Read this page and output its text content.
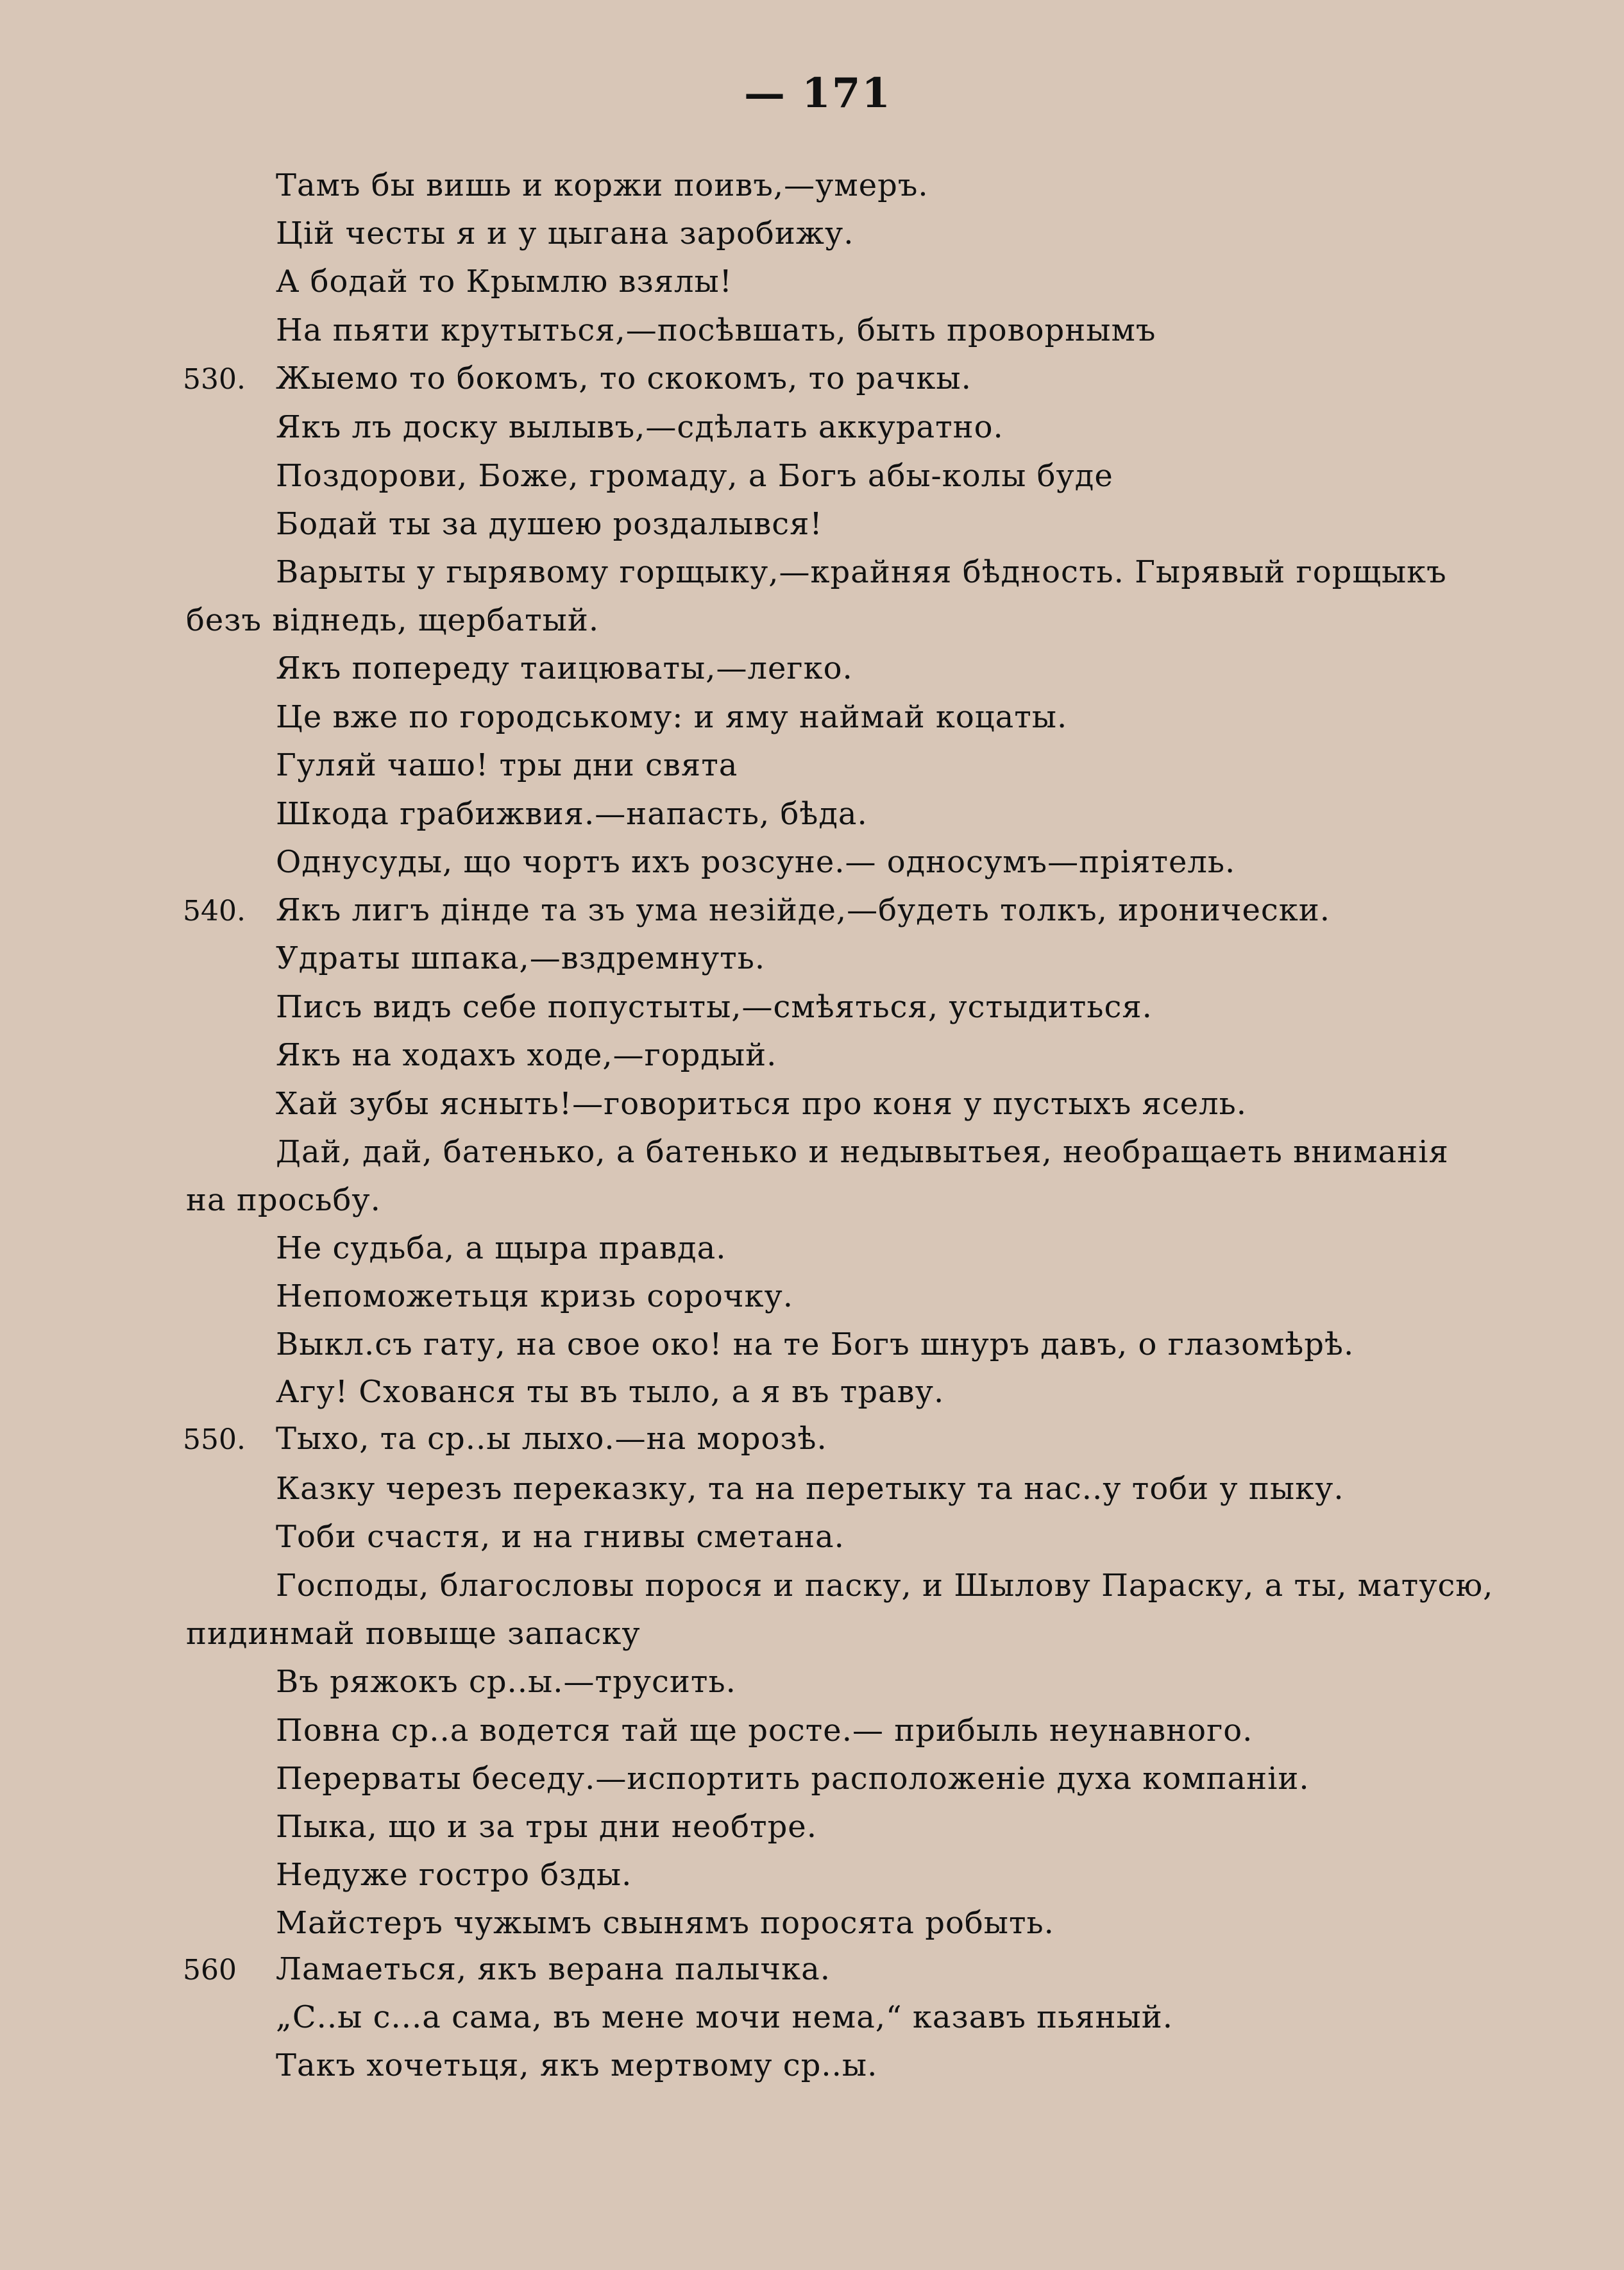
— 171
530.
540.
550.
560
Тамъ бы вишь и коржи поивъ,—умеръ.
Цій честы я и у цыгана заробижу.
А бодай то Крымлю взялы!
На пьяти крутыться,—посѣвшать, быть проворнымъ
Жыемо то бокомъ, то скокомъ, то рачкы.
Якъ лъ доску вылывъ,—сдѣлать аккуратно.
Поздорови, Боже, громаду, а Богъ абы-колы буде
Бодай ты за душею роздалывся!
Варыты у гырявому горщыку,—крайняя бѣдность. Гырявый горщыкъ
безъ віднедь, щербатый.
Якъ попереду таицюваты,—легко.
Це вже по городському: и яму наймай коцаты.
Гуляй чашо! тры дни свята
Шкода грабижвия.—напасть, бѣда.
Однусуды, що чортъ ихъ розсуне.— односумъ—пріятель.
Якъ лигъ дінде та зъ ума незійде,—будеть толкъ, иронически.
Удраты шпака,—вздремнуть.
Писъ видъ себе попустыты,—смѣяться, устыдиться.
Якъ на ходахъ ходе,—гордый.
Хай зубы ясныть!—говориться про коня у пустыхъ ясель.
Дай, дай, батенько, а батенько и недывытьея, необращаеть вниманія
на просьбу.
Не судьба, а щыра правда.
Непоможетьця кризь сорочку.
Выкл.съ гату, на свое око! на те Богъ шнуръ давъ, о глазомѣрѣ.
Агу! Схованся ты въ тыло, а я въ траву.
Тыхо, та ср..ы лыхо.—на морозѣ.
Казку черезъ переказку, та на перетыку та нас..у тоби у пыку.
Тоби счастя, и на гнивы сметана.
Господы, благословы порося и паску, и Шылову Параску, а ты, матусю,
пидинмай повыще запаску
Въ ряжокъ ср..ы.—трусить.
Повна ср..а водется тай ще росте.— прибыль неунавного.
Перерваты беседу.—испортить расположеніе духа компаніи.
Пыка, що и за тры дни необтре.
Недуже гостро бзды.
Майстеръ чужымъ свынямъ поросята робыть.
Ламаеться, якъ верана палычка.
„С..ы с...а сама, въ мене мочи нема,“ казавъ пьяный.
Такъ хочетьця, якъ мертвому ср..ы.
